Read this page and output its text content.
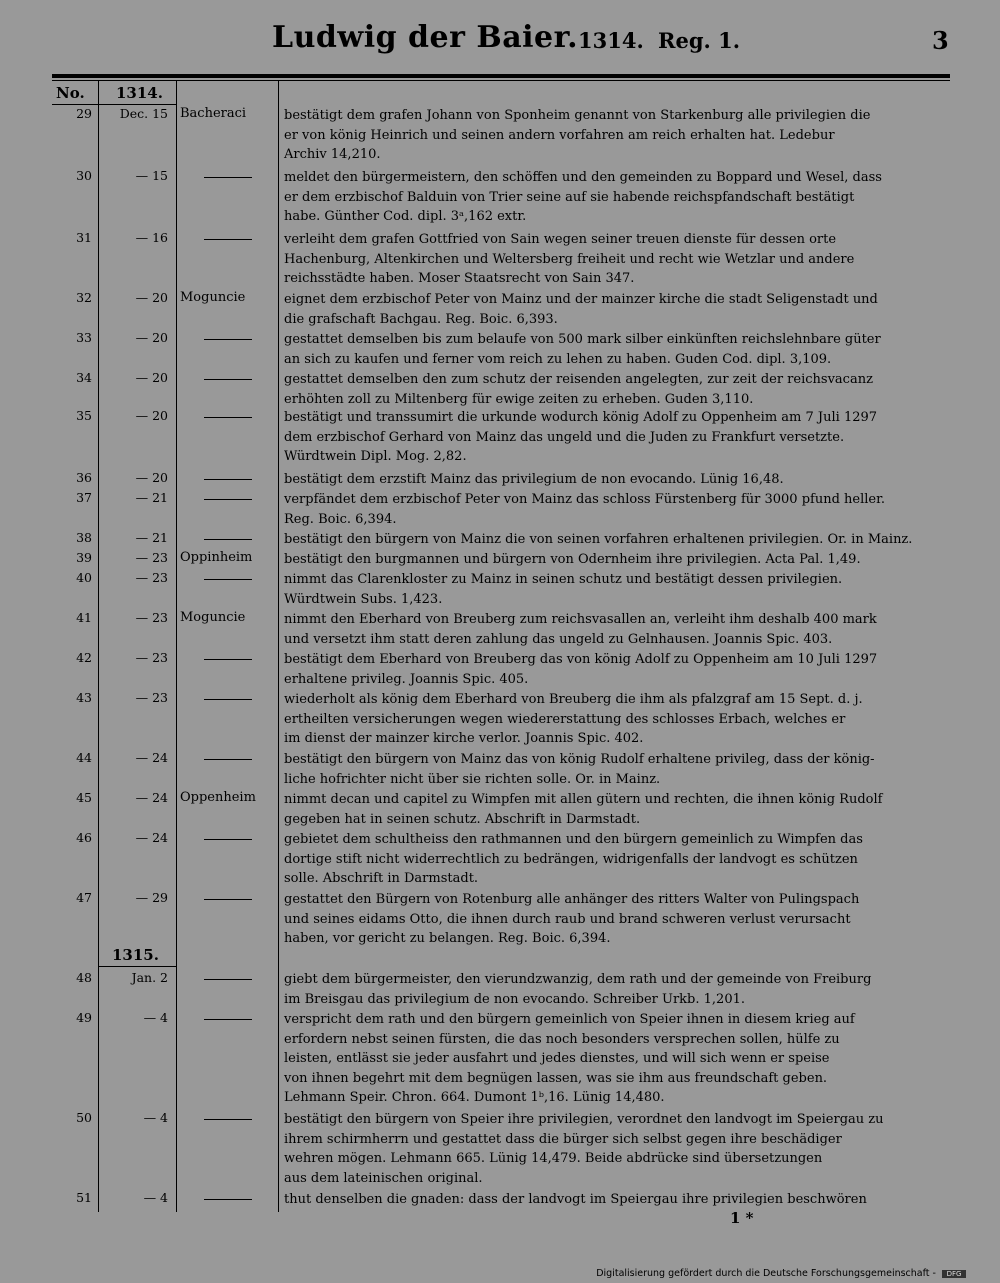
Ludwig der Baier. 1314. Reg. 1.	3
No. 1314.
1315.
29	Dec. 15 Bacheraci	bestätigt dem grafen Johann von Sponheim genannt von Starkenburg alle privilegien die
er von könig Heinrich und seinen andern vorfahren am reich erhalten hat. Ledebur
Archiv 14,210.
30	— 15	meldet den bürgermeistern, den schöffen und den gemeinden zu Boppard und Wesel, dass
er dem erzbischof Balduin von Trier seine auf sie habende reichspfandschaft bestätigt
habe. Günther Cod. dipl. 3ᵃ,162 extr.
31	— 16	verleiht dem grafen Gottfried von Sain wegen seiner treuen dienste für dessen orte
Hachenburg, Altenkirchen und Weltersberg freiheit und recht wie Wetzlar und andere
reichsstädte haben. Moser Staatsrecht von Sain 347.
32	— 20 Moguncie	eignet dem erzbischof Peter von Mainz und der mainzer kirche die stadt Seligenstadt und
die grafschaft Bachgau. Reg. Boic. 6,393.
33	— 20	gestattet demselben bis zum belaufe von 500 mark silber einkünften reichslehnbare güter
an sich zu kaufen und ferner vom reich zu lehen zu haben. Guden Cod. dipl. 3,109.
34	— 20	gestattet demselben den zum schutz der reisenden angelegten, zur zeit der reichsvacanz
erhöhten zoll zu Miltenberg für ewige zeiten zu erheben. Guden 3,110.
35	— 20	bestätigt und transsumirt die urkunde wodurch könig Adolf zu Oppenheim am 7 Juli 1297
dem erzbischof Gerhard von Mainz das ungeld und die Juden zu Frankfurt versetzte.
Würdtwein Dipl. Mog. 2,82.
36	— 20	bestätigt dem erzstift Mainz das privilegium de non evocando. Lünig 16,48.
37	— 21	verpfändet dem erzbischof Peter von Mainz das schloss Fürstenberg für 3000 pfund heller.
Reg. Boic. 6,394.
38	— 21	bestätigt den bürgern von Mainz die von seinen vorfahren erhaltenen privilegien. Or. in Mainz.
39	— 23 Oppinheim	bestätigt den burgmannen und bürgern von Odernheim ihre privilegien. Acta Pal. 1,49.
40	— 23	nimmt das Clarenkloster zu Mainz in seinen schutz und bestätigt dessen privilegien.
Würdtwein Subs. 1,423.
41	— 23 Moguncie	nimmt den Eberhard von Breuberg zum reichsvasallen an, verleiht ihm deshalb 400 mark
und versetzt ihm statt deren zahlung das ungeld zu Gelnhausen. Joannis Spic. 403.
42	— 23	bestätigt dem Eberhard von Breuberg das von könig Adolf zu Oppenheim am 10 Juli 1297
erhaltene privileg. Joannis Spic. 405.
43	— 23	wiederholt als könig dem Eberhard von Breuberg die ihm als pfalzgraf am 15 Sept. d. j.
ertheilten versicherungen wegen wiedererstattung des schlosses Erbach, welches er
im dienst der mainzer kirche verlor. Joannis Spic. 402.
44	— 24	bestätigt den bürgern von Mainz das von könig Rudolf erhaltene privileg, dass der könig-
liche hofrichter nicht über sie richten solle. Or. in Mainz.
45	— 24 Oppenheim	nimmt decan und capitel zu Wimpfen mit allen gütern und rechten, die ihnen könig Rudolf
gegeben hat in seinen schutz. Abschrift in Darmstadt.
46	— 24	gebietet dem schultheiss den rathmannen und den bürgern gemeinlich zu Wimpfen das
dortige stift nicht widerrechtlich zu bedrängen, widrigenfalls der landvogt es schützen
solle. Abschrift in Darmstadt.
47	— 29	gestattet den Bürgern von Rotenburg alle anhänger des ritters Walter von Pulingspach
und seines eidams Otto, die ihnen durch raub und brand schweren verlust verursacht
haben, vor gericht zu belangen. Reg. Boic. 6,394.
48	Jan. 2	giebt dem bürgermeister, den vierundzwanzig, dem rath und der gemeinde von Freiburg
im Breisgau das privilegium de non evocando. Schreiber Urkb. 1,201.
49	— 4	verspricht dem rath und den bürgern gemeinlich von Speier ihnen in diesem krieg auf
erfordern nebst seinen fürsten, die das noch besonders versprechen sollen, hülfe zu
leisten, entlässt sie jeder ausfahrt und jedes dienstes, und will sich wenn er speise
von ihnen begehrt mit dem begnügen lassen, was sie ihm aus freundschaft geben.
Lehmann Speir. Chron. 664. Dumont 1ᵇ,16. Lünig 14,480.
50	— 4	bestätigt den bürgern von Speier ihre privilegien, verordnet den landvogt im Speiergau zu
ihrem schirmherrn und gestattet dass die bürger sich selbst gegen ihre beschädiger
wehren mögen. Lehmann 665. Lünig 14,479. Beide abdrücke sind übersetzungen
aus dem lateinischen original.
51	— 4	thut denselben die gnaden: dass der landvogt im Speiergau ihre privilegien beschwören
1 *
Digitalisierung gefördert durch die Deutsche Forschungsgemeinschaft - DFG
